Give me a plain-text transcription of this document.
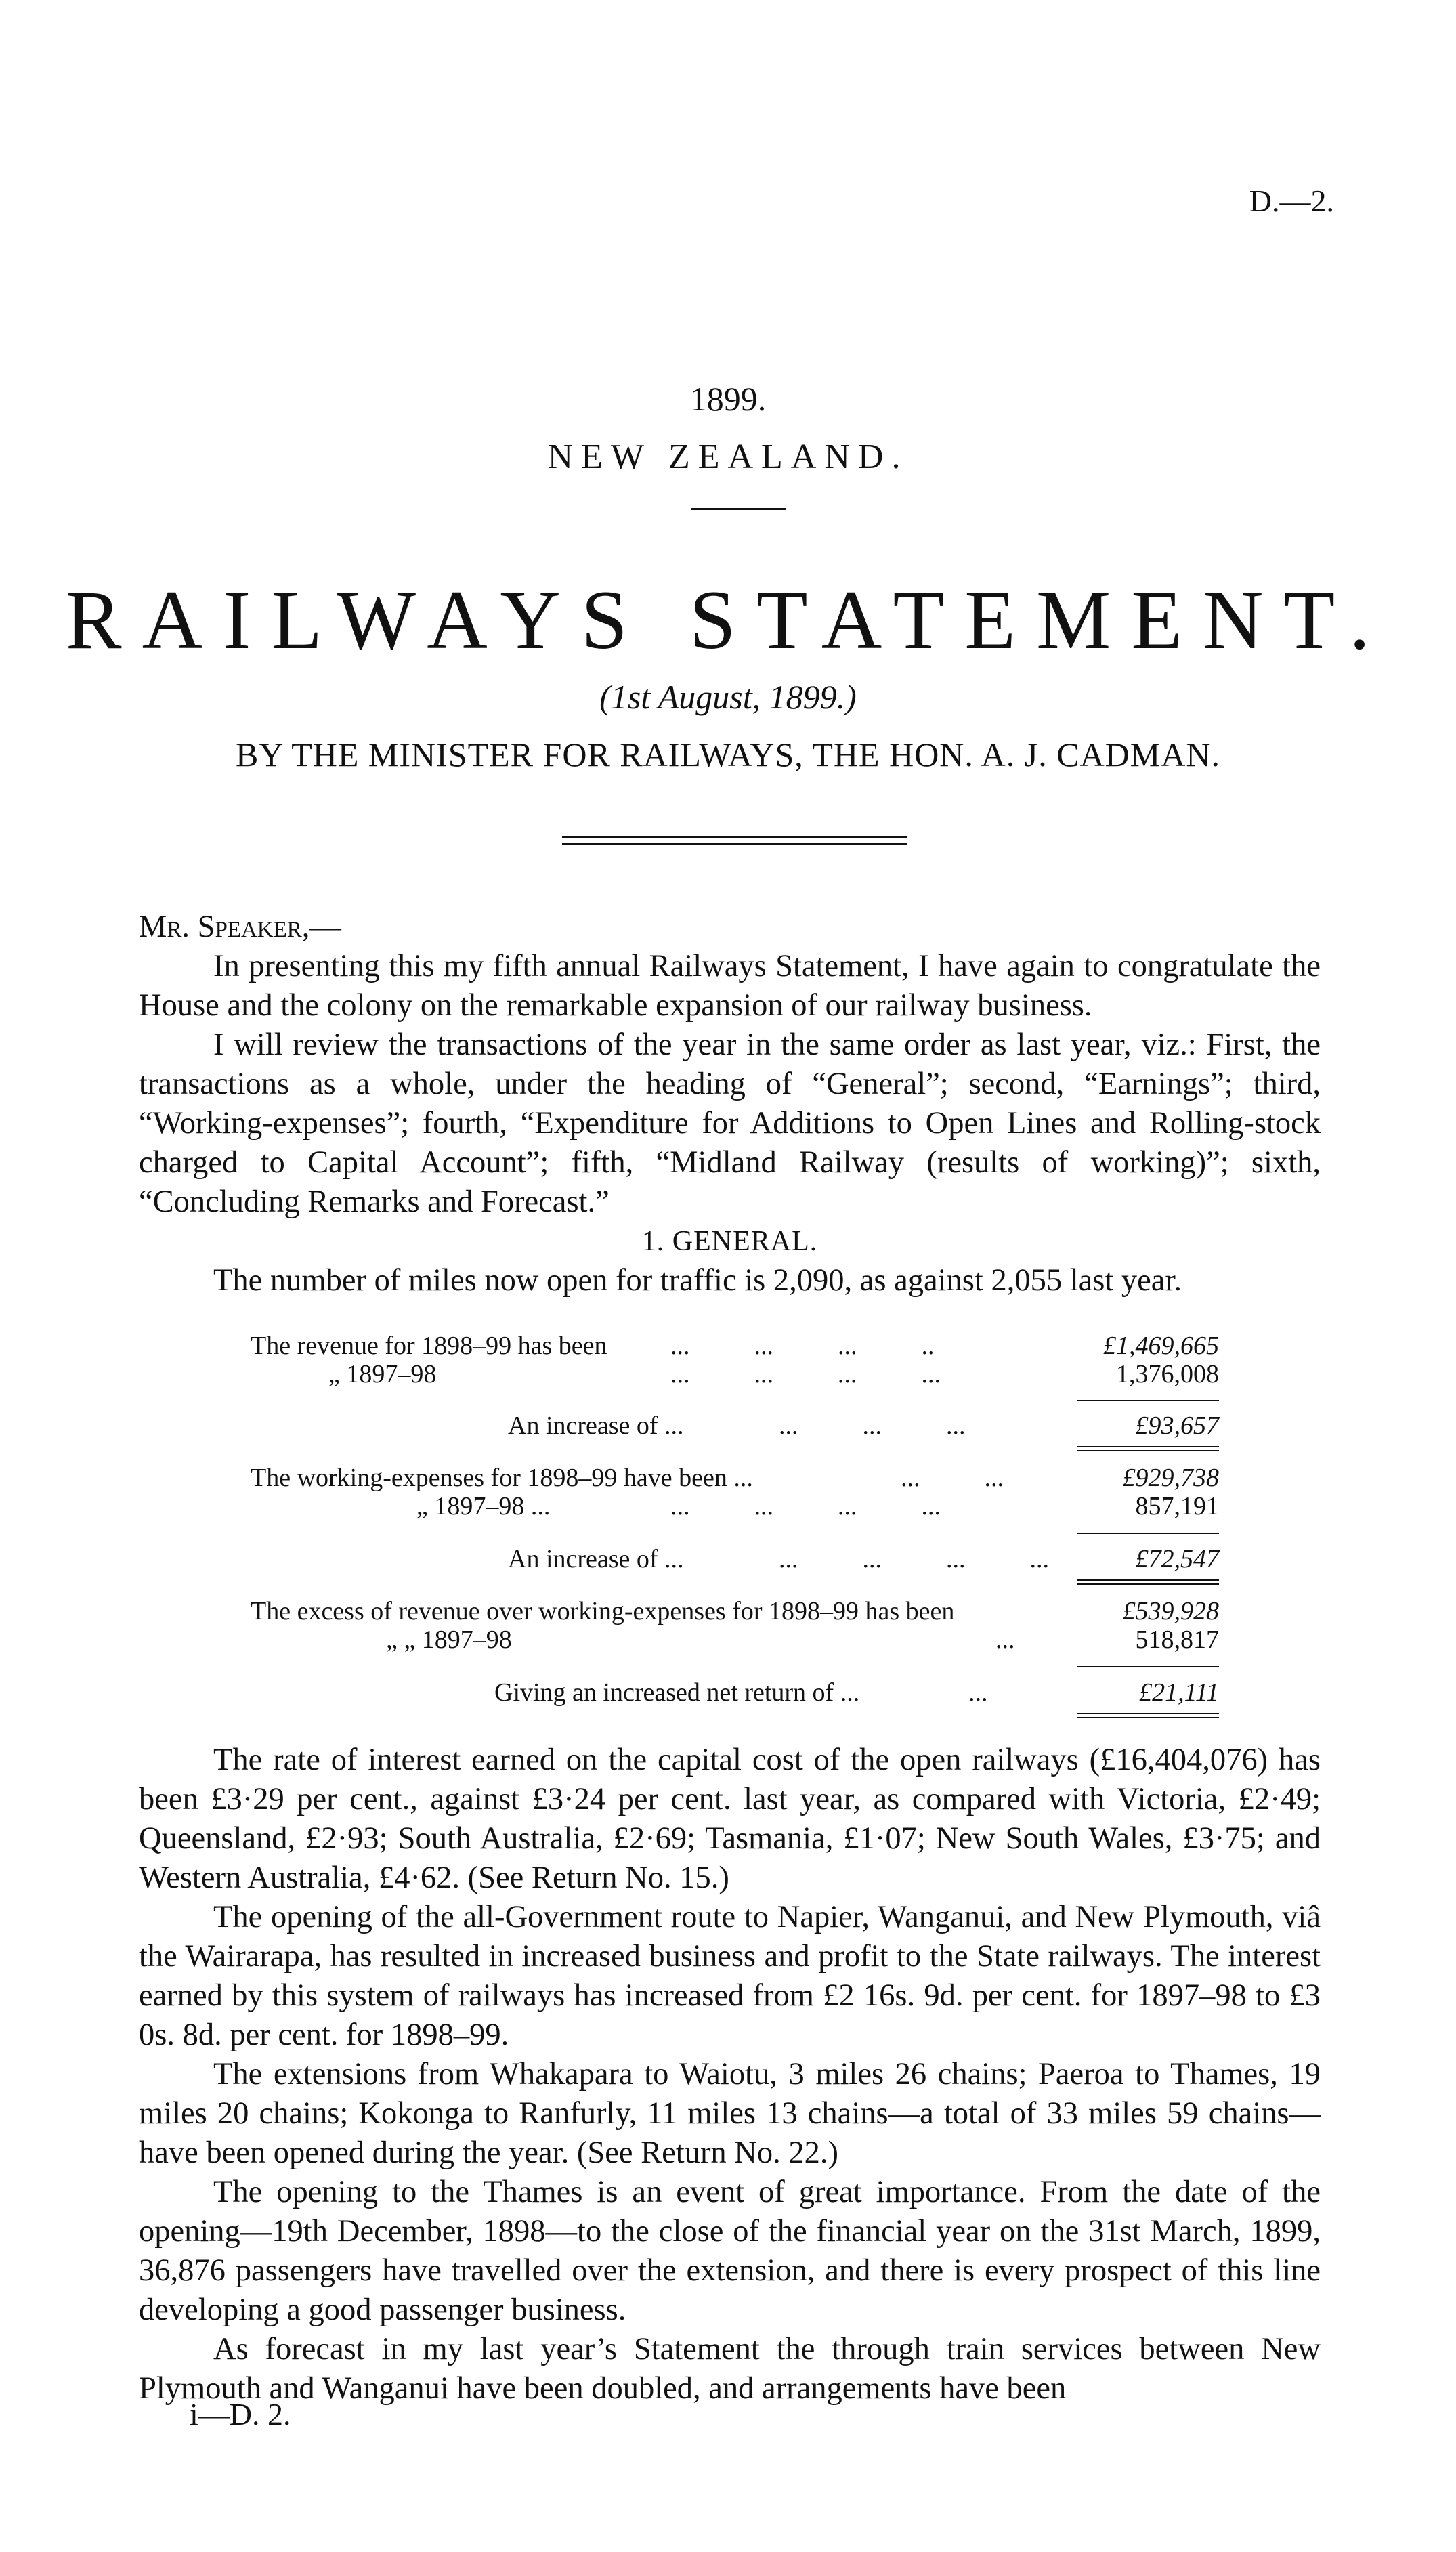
D.—2.
1899.
NEW ZEALAND.
RAILWAYS STATEMENT.
(1st August, 1899.)
BY THE MINISTER FOR RAILWAYS, THE HON. A. J. CADMAN.

Mr. Speaker,—

In presenting this my fifth annual Railways Statement, I have again to congratulate the House and the colony on the remarkable expansion of our railway business.

I will review the transactions of the year in the same order as last year, viz.: First, the transactions as a whole, under the heading of “General”; second, “Earnings”; third, “Working-expenses”; fourth, “Expenditure for Additions to Open Lines and Rolling-stock charged to Capital Account”; fifth, “Midland Railway (results of working)”; sixth, “Concluding Remarks and Forecast.”

1. GENERAL.

The number of miles now open for traffic is 2,090, as against 2,055 last year.

The revenue for 1898–99 has been ...          ...          ...          ..	£1,469,665
„ 1897–98	...          ...          ...          ...	1,376,008
An increase of ...	...          ...          ...	£93,657
The working-expenses for 1898–99 have been ...	...          ...	£929,738
„ 1897–98 ...	...          ...          ...          ...	857,191
An increase of ...	...          ...          ...          ...	£72,547
The excess of revenue over working-expenses for 1898–99 has been	£539,928
„ „ 1897–98	...	518,817
Giving an increased net return of ...	...	£21,111

The rate of interest earned on the capital cost of the open railways (£16,404,076) has been £3·29 per cent., against £3·24 per cent. last year, as compared with Victoria, £2·49; Queensland, £2·93; South Australia, £2·69; Tasmania, £1·07; New South Wales, £3·75; and Western Australia, £4·62. (See Return No. 15.)

The opening of the all-Government route to Napier, Wanganui, and New Plymouth, viâ the Wairarapa, has resulted in increased business and profit to the State railways. The interest earned by this system of railways has increased from £2 16s. 9d. per cent. for 1897–98 to £3 0s. 8d. per cent. for 1898–99.

The extensions from Whakapara to Waiotu, 3 miles 26 chains; Paeroa to Thames, 19 miles 20 chains; Kokonga to Ranfurly, 11 miles 13 chains—a total of 33 miles 59 chains—have been opened during the year. (See Return No. 22.)

The opening to the Thames is an event of great importance. From the date of the opening—19th December, 1898—to the close of the financial year on the 31st March, 1899, 36,876 passengers have travelled over the extension, and there is every prospect of this line developing a good passenger business.

As forecast in my last year’s Statement the through train services between New Plymouth and Wanganui have been doubled, and arrangements have been

i—D. 2.
